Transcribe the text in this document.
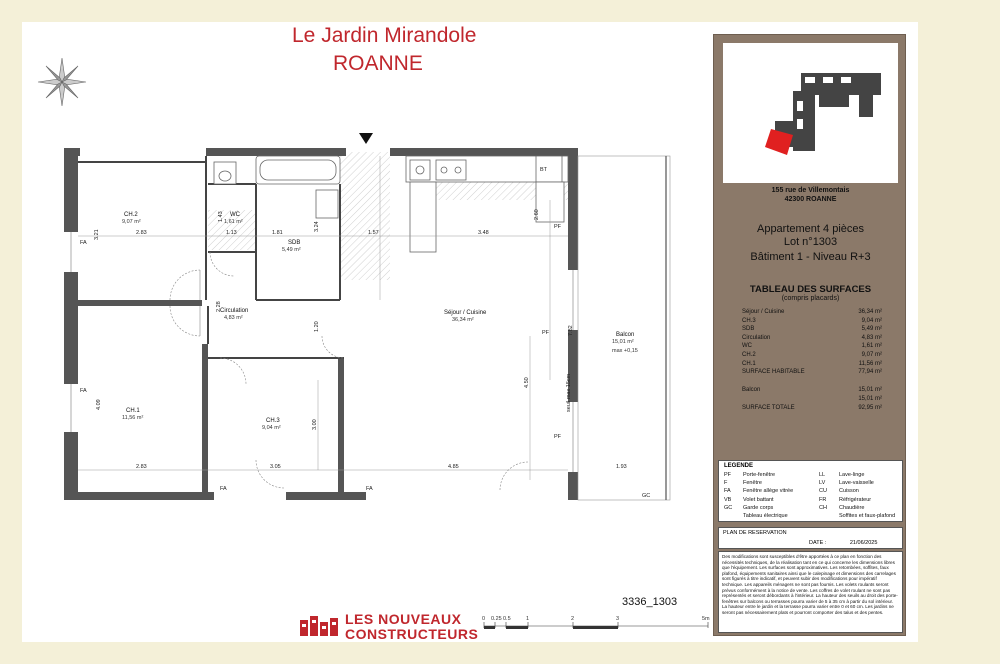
Le Jardin Mirandole
ROANNE
BT
2.83	1.13	1.81	1.57	3.48
2.83	3.05	4.85	1.93
3.21
1.43
3.24
2.28
1.20
4.09
3.00
4.50
7.82
2.60
seuil max 15cm
CH.2
9,07 m²
WC
1,61 m²
SDB
5,49 m²
Circulation
4,83 m²
Séjour / Cuisine
36,34 m²
Balcon
15,01 m²
max +0,15
CH.1
11,56 m²	CH.3
9,04 m²
FA
FA
FA	FA
PF
PF
PF
GC
155 rue de Villemontais
42300 ROANNE
Appartement 4 pièces
Lot n°1303
Bâtiment 1 - Niveau R+3
TABLEAU DES SURFACES
(compris placards)
Séjour / Cuisine	36,34 m²
CH.3	9,04 m²
SDB	5,49 m²
Circulation	4,83 m²
WC	1,61 m²
CH.2	9,07 m²
CH.1	11,56 m²
SURFACE HABITABLE	77,94 m²
Balcon	15,01 m²
15,01 m²
SURFACE TOTALE	92,95 m²
LEGENDE
PF Porte-fenêtre	LL	Lave-linge
F	Fenêtre	LV Lave-vaisselle
FA Fenêtre allège vitrée	CU Cuisson
VB Volet battant	FR Réfrigérateur
GC Garde corps	CH Chaudière
Tableau électrique	Soffites et faux-plafond
PLAN DE RESERVATION
DATE :	21/06/2025
Des modifications sont susceptibles d'être apportées à ce plan en fonction des nécessités techniques, de la réalisation tant en ce qui concerne les dimensions libres que l'équipement. Les surfaces sont approximatives. Les retombées, soffites, faux plafond, équipements sanitaires ainsi que le calepinage et dimensions des carrelages sont figurés à titre indicatif, et peuvent subir des modifications pour impératif technique. Les appareils ménagers ne sont pas fournis. Les volets roulants seront prévus conformément à la notice de vente. Les coffres de volet roulant ne sont pas représentés et seront débordants à l'intérieur. La hauteur des seuils au droit des porte-fenêtres sur balcons ou terrasses pourra varier de 5 à 35 cm à partir du sol intérieur. La hauteur entre le jardin et la terrasse pourra varier entre 0 et 60 cm. Les jardins ne seront pas nécessairement plats et pourront comporter des talus et des pentes.
LES NOUVEAUX
CONSTRUCTEURS
3336_1303
0 0.25 0.5	1	2	3	5m
